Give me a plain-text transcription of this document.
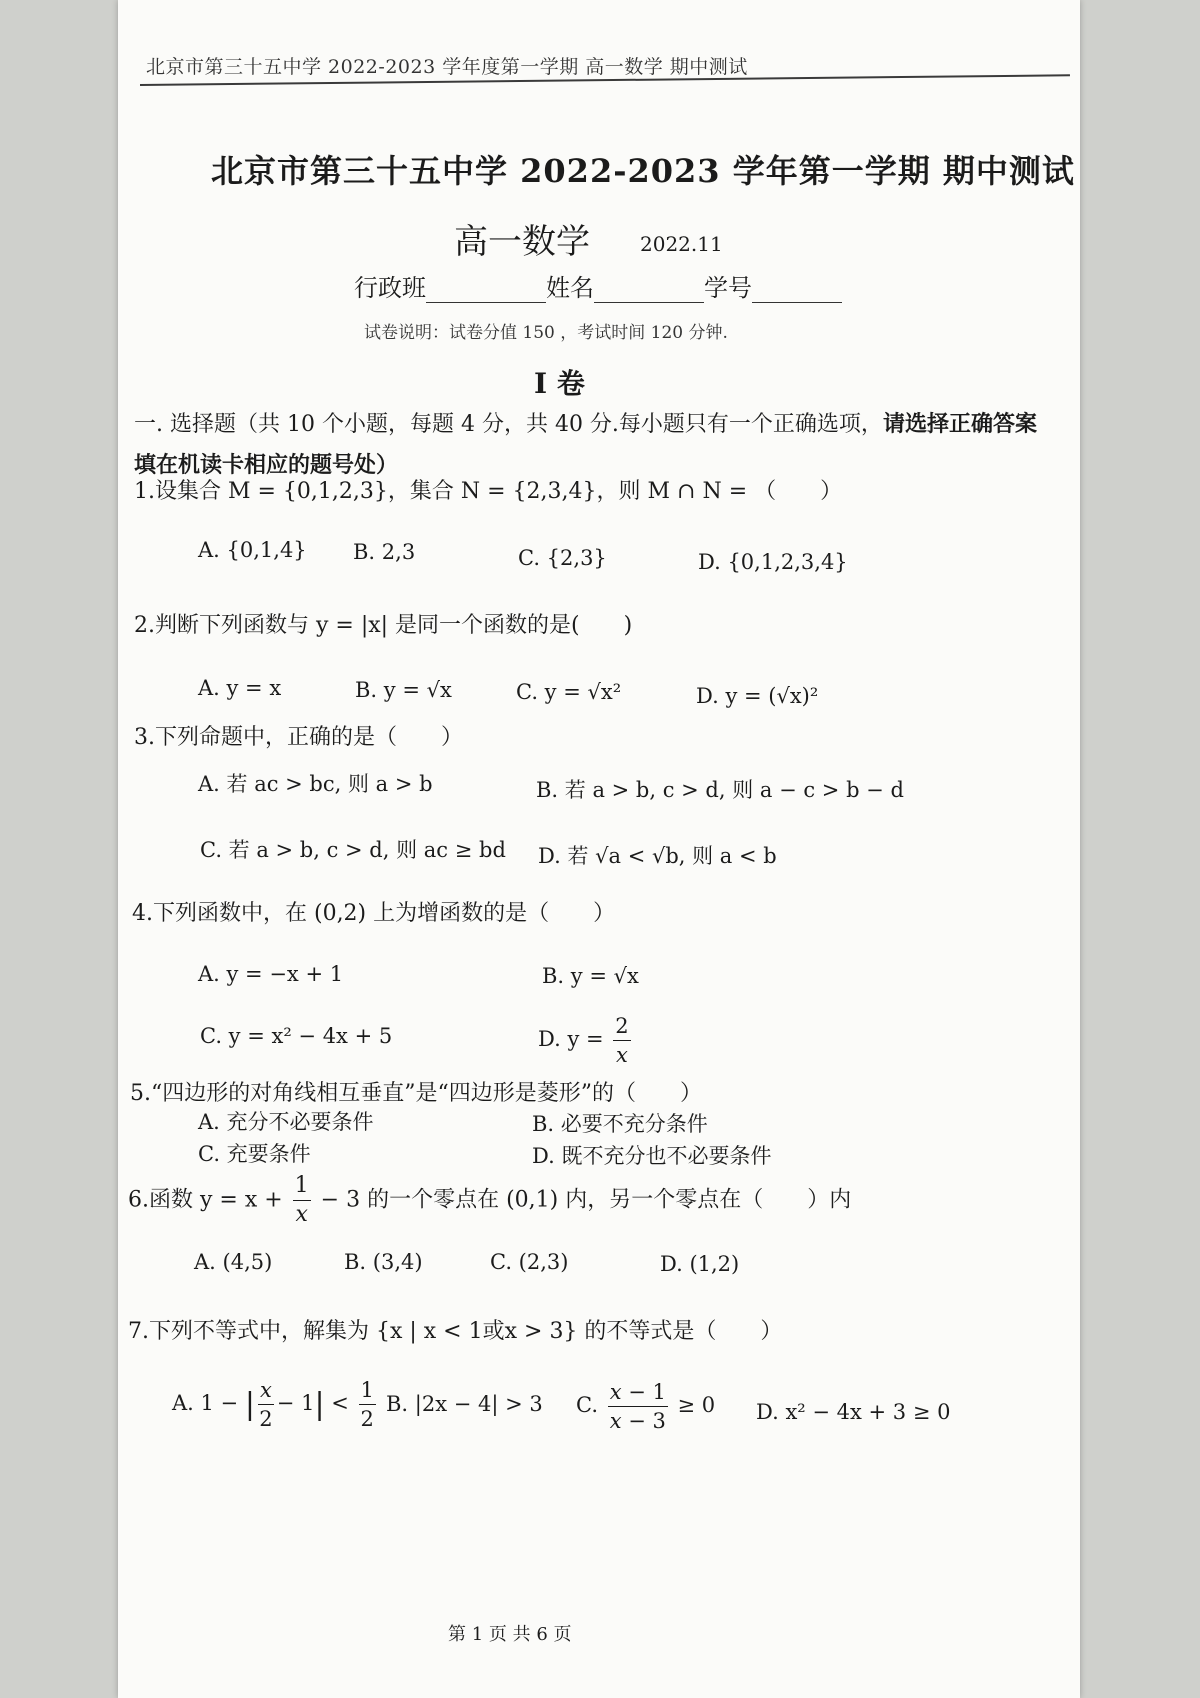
北京市第三十五中学 2022-2023 学年度第一学期 高一数学 期中测试
北京市第三十五中学 2022-2023 学年第一学期 期中测试
高一数学	2022.11
行政班	姓名	学号
试卷说明：试卷分值 150 ，考试时间 120 分钟.
I 卷
一. 选择题（共 10 个小题，每题 4 分，共 40 分.每小题只有一个正确选项，请选择正确答案填在机读卡相应的题号处）
1.设集合 M = {0,1,2,3}，集合 N = {2,3,4}，则 M ∩ N = （　　）
A. {0,1,4} B. 2,3	C. {2,3}	D. {0,1,2,3,4}
2.判断下列函数与 y = |x| 是同一个函数的是(　　)
A. y = x	B. y = √x	C. y = √x²	D. y = (√x)²
3.下列命题中，正确的是（　　）
A. 若 ac > bc, 则 a > b	B. 若 a > b, c > d, 则 a − c > b − d
C. 若 a > b, c > d, 则 ac ≥ bd D. 若 √a < √b, 则 a < b
4.下列函数中，在 (0,2) 上为增函数的是（　　）
A. y = −x + 1	B. y = √x
C. y = x² − 4x + 5	D. $y = \frac{2}{x}$
5.“四边形的对角线相互垂直”是“四边形是菱形”的（　　）
A. 充分不必要条件	B. 必要不充分条件
C. 充要条件	D. 既不充分也不必要条件
6.函数 $y = x + \frac{1}{x} - 3$ 的一个零点在 (0,1) 内，另一个零点在（　　）内
A. (4,5)	B. (3,4)	C. (2,3)	D. (1,2)
7.下列不等式中，解集为 {x | x < 1或x > 3} 的不等式是（　　）
A. 1 − | $\frac{x}{2} - 1| < \frac{1}{2} B$. |2x − 4| > 3 C. $\frac{x - 1}{x - 3} \ge 0$ D. x² − 4x + 3 ≥ 0
第 1 页 共 6 页
